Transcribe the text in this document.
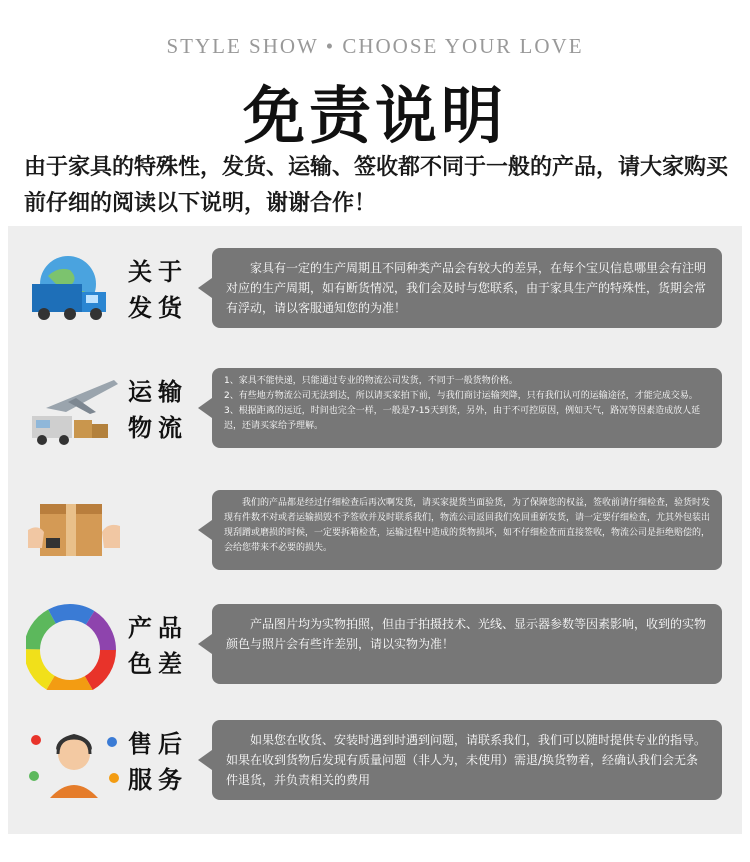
STYLE SHOW • CHOOSE YOUR LOVE
免责说明
由于家具的特殊性，发货、运输、签收都不同于一般的产品，请大家购买前仔细的阅读以下说明，谢谢合作！
关于
发货

家具有一定的生产周期且不同种类产品会有较大的差异，在每个宝贝信息哪里会有注明对应的生产周期，如有断货情况，我们会及时与您联系，由于家具生产的特殊性，货期会常有浮动，请以客服通知您的为准！

运输
物流

1、家具不能快递，只能通过专业的物流公司发货，不同于一般货物价格。

2、有些地方物流公司无法到达，所以请买家拍下前，与我们商讨运输突降，只有我们认可的运输途径，才能完成交易。

3、根据距离的远近，时间也完全一样，一般是7-15天到货，另外，由于不可控原因，例如天气，路况等因素造成放人延迟，还请买家给予理解。

我们的产品都是经过仔细检查后再次啊发货，请买家提货当面验货，为了保障您的权益，签收前请仔细检查，验货时发现有件数不对或者运输损毁不予签收并及时联系我们，物流公司返回我们免回重新发货，请一定要仔细检查，尤其外包装出现刮蹭或磨损的时候，一定要拆箱检查，运输过程中造成的货物损坏，如不仔细检查而直接签收，物流公司是拒绝赔偿的，会给您带来不必要的损失。

产品
色差

产品图片均为实物拍照，但由于拍摄技术、光线、显示器参数等因素影响，收到的实物颜色与照片会有些许差别，请以实物为准！

售后
服务

如果您在收货、安装时遇到时遇到问题，请联系我们，我们可以随时提供专业的指导。如果在收到货物后发现有质量问题（非人为，未使用）需退/换货物着，经确认我们会无条件退货，并负责相关的费用
